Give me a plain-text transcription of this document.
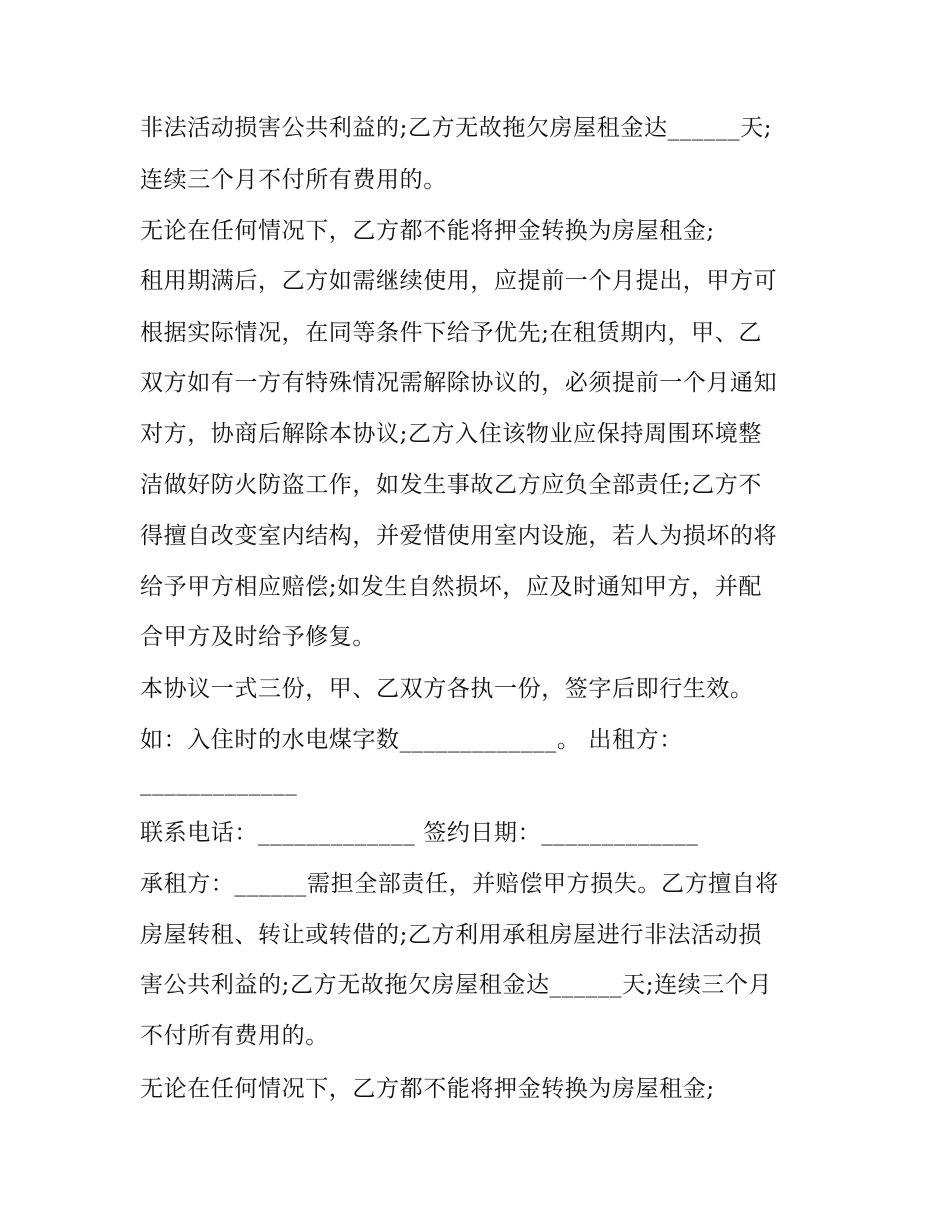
非法活动损害公共利益的;乙方无故拖欠房屋租金达______天;
连续三个月不付所有费用的。
无论在任何情况下，乙方都不能将押金转换为房屋租金;
租用期满后，乙方如需继续使用，应提前一个月提出，甲方可
根据实际情况，在同等条件下给予优先;在租赁期内，甲、乙
双方如有一方有特殊情况需解除协议的，必须提前一个月通知
对方，协商后解除本协议;乙方入住该物业应保持周围环境整
洁做好防火防盗工作，如发生事故乙方应负全部责任;乙方不
得擅自改变室内结构，并爱惜使用室内设施，若人为损坏的将
给予甲方相应赔偿;如发生自然损坏，应及时通知甲方，并配
合甲方及时给予修复。
本协议一式三份，甲、乙双方各执一份，签字后即行生效。
如：入住时的水电煤字数_____________。 出租方：
_____________
联系电话：_____________ 签约日期：_____________
承租方：______需担全部责任，并赔偿甲方损失。乙方擅自将
房屋转租、转让或转借的;乙方利用承租房屋进行非法活动损
害公共利益的;乙方无故拖欠房屋租金达______天;连续三个月
不付所有费用的。
无论在任何情况下，乙方都不能将押金转换为房屋租金;
